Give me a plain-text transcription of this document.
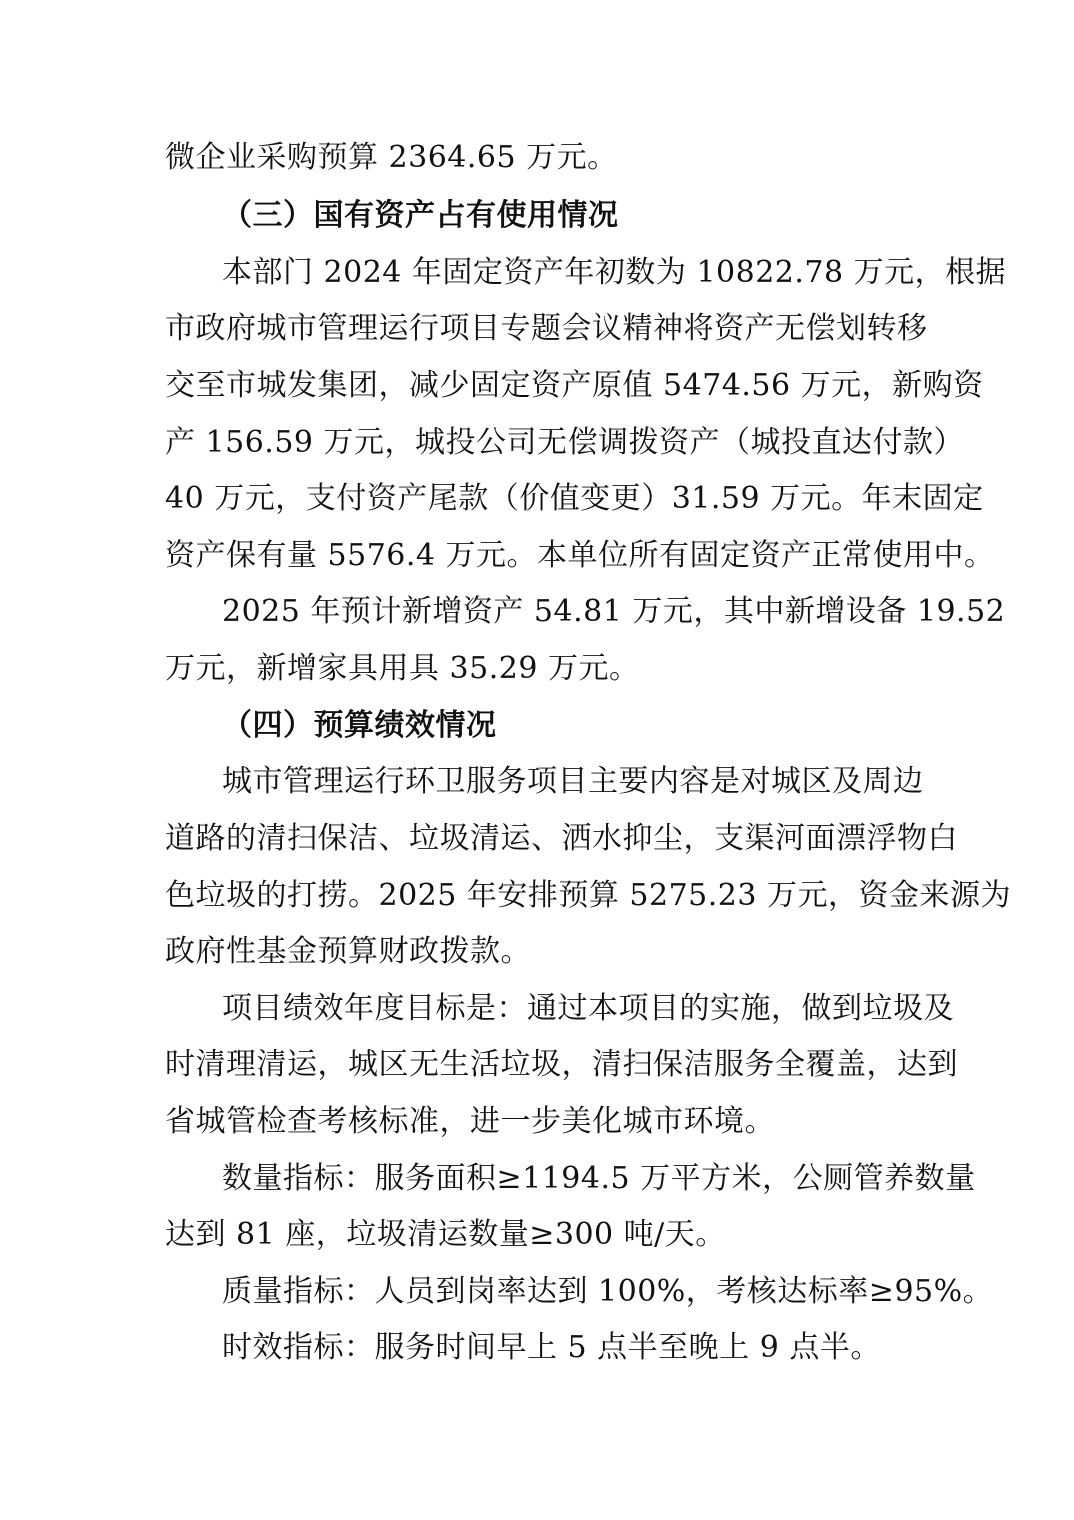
微企业采购预算 2364.65 万元。
（三）国有资产占有使用情况
本部门 2024 年固定资产年初数为 10822.78 万元，根据
市政府城市管理运行项目专题会议精神将资产无偿划转移
交至市城发集团，减少固定资产原值 5474.56 万元，新购资
产 156.59 万元，城投公司无偿调拨资产（城投直达付款）
40 万元，支付资产尾款（价值变更）31.59 万元。年末固定
资产保有量 5576.4 万元。本单位所有固定资产正常使用中。
2025 年预计新增资产 54.81 万元，其中新增设备 19.52
万元，新增家具用具 35.29 万元。
（四）预算绩效情况
城市管理运行环卫服务项目主要内容是对城区及周边
道路的清扫保洁、垃圾清运、洒水抑尘，支渠河面漂浮物白
色垃圾的打捞。2025 年安排预算 5275.23 万元，资金来源为
政府性基金预算财政拨款。
项目绩效年度目标是：通过本项目的实施，做到垃圾及
时清理清运，城区无生活垃圾，清扫保洁服务全覆盖，达到
省城管检查考核标准，进一步美化城市环境。
数量指标：服务面积≥1194.5 万平方米，公厕管养数量
达到 81 座，垃圾清运数量≥300 吨/天。
质量指标：人员到岗率达到 100%，考核达标率≥95%。
时效指标：服务时间早上 5 点半至晚上 9 点半。
